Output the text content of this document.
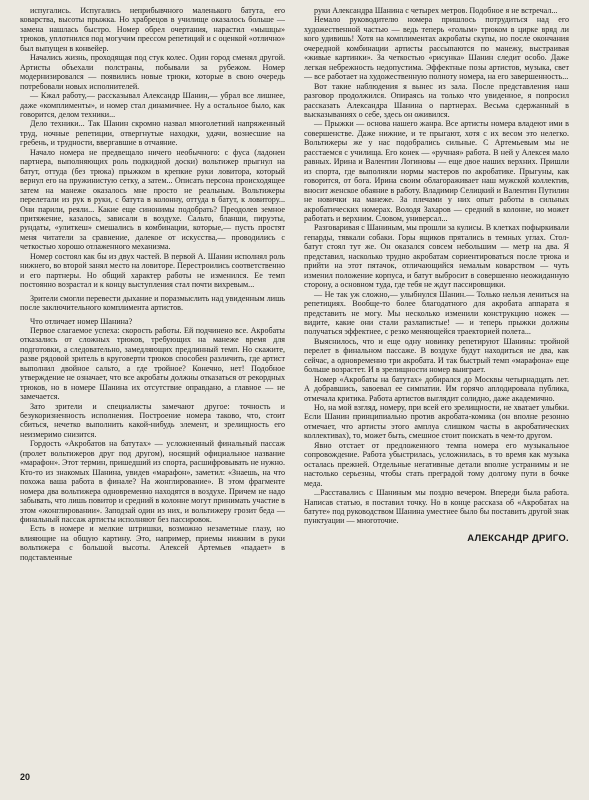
испугались. Испугались неприбывчного маленького батута, его коварства, высоты прыжка. Но храбрецов в училище оказалось больше — замена нашлась быстро. Номер обрел очертания, нарастил «мышцы» трюков, уплотнился под могучим прессом репетиций и с оценкой «отлично» был выпущен в конвейер.

Начались жизнь, проходящая под стук колес. Один город сменял другой. Артисты объехали полстраны, побывали за рубежом. Номер модернизировался — появились новые трюки, которые в свою очередь потребовали новых исполнителей.

— Кжал работу,— рассказывал Александр Шанин,— убрал все лишнее, даже «комплименты», и номер стал динамичнее. Ну а остальное было, как говорится, делом техники...

Дело техники... Так Шанин скромно назвал многолетний напряженный труд, ночные репетиции, отвергнутые находки, удачи, вознесшие на гребень, и трудности, ввергавшие в отчаяние.

Начало номера не предвещало ничего необычного: с фуса (ладонен партнера, выполняющих роль подкидной доски) вольтижер прыгнул на батут, оттуда (без трюка) прыжком в крепкие руки ловитора, который вернул его на пружинистую сетку, а затем... Описать персона происходящее затем на манеже оказалось мне просто не реальным. Вольтижеры перелетали из рук в руки, с батута в колонну, оттуда в батут, к ловитору... Они парили, реяли... Какие еще синонимы подобрать? Преодолев земное притяжение, казалось, зависали в воздухе. Сальто, бланши, пируэты, рундаты, «улиткеш» смешались в комбинации, которые,— пусть простят меня читатели за сравнение, далекое от искусства,— проводились с четкостью хорошо отлаженного механизма.

Номер состоял как бы из двух частей. В первой А. Шанин исполнял роль нижнего, во второй занял место на ловиторе. Перестроились соответственно и его партнеры. Но общий характер работы не изменился. Ее темп постоянно возрастал и к концу выступления стал почти вихревым...

Зрители смогли перевести дыхание и поразмыслить над увиденным лишь после заключительного комплимента артистов.

Что отличает номер Шанина?

Первое слагаемое успеха: скорость работы. Ей подчинено все. Акробаты отказались от сложных трюков, требующих на манеже время для подготовки, а следовательно, замедляющих предлинный темп. Но скажите, разве рядовой зритель в круговерти трюков способен различить, где артист выполнил двойное сальто, а где тройное? Конечно, нет! Подобное утверждение не означает, что все акробаты должны отказаться от рекордных трюков, но в номере Шанина их отсутствие оправдано, а главное — не замечается.

Зато зрители и специалисты замечают другое: точность и безукоризненность исполнения. Построение номера таково, что, стоит сбиться, нечетко выполнить какой-нибудь элемент, и зрелищность его неизмеримо снизится.

Гордость «Акробатов на батутах» — усложненный финальный пассаж (пролет вольтижеров друг под другом), носящий официальное название «марафон». Этот термин, пришедший из спорта, расшифровывать не нужно. Кто-то из знакомых Шанина, увидев «марафон», заметил: «Знаешь, на что похожа ваша работа в финале? На жонглирование». В этом фрагменте номера два вольтижера одновременно находятся в воздухе. Причем не надо забывать, что лишь повитор и средний в колонне могут принимать участие в этом «жонглировании». Заподзай один из них, и вольтижеру грозит беда — финальный пассаж артисты исполняют без пассировок.

Есть в номере и мелкие штришки, возможно незаметные глазу, но влияющие на общую картину. Это, например, приемы нижним в руки вольтижера с большой высоты. Алексей Артемьев «падает» в подставленные

руки Александра Шанина с четырех метров. Подобное я не встречал...

Немало руководителю номера пришлось потрудиться над его художественной частью — ведь теперь «голым» трюком в цирке вряд ли кого удивишь! Хотя на комплиментах акробаты скупы, но после окончания очередной комбинации артисты рассыпаются по манежу, выстраивая «живые картинки». За четкостью «рисунка» Шанин следит особо. Даже легкая небрежность недопустима. Эффектные позы артистов, музыка, свет — все работает на художественную полноту номера, на его завершенность...

Вот такие наблюдения я вынес из зала. После представления наш разговор продолжился. Опираясь на только что увиденное, я попросил рассказать Александра Шанина о партнерах. Весьма сдержанный в высказываниях о себе, здесь он оживился.

— Прыжки — основа нашего жанра. Все артисты номера владеют ими в совершенстве. Даже нижние, и те прыгают, хотя с их весом это нелегко. Вольтижеры же у нас подобрались сильные. С Артемьевым мы не расстаемся с училища. Его конек — «ручная» работа. В ней у Алексея мало равных. Ирина и Валентин Логиновы — еще двое наших верхних. Пришли из спорта, где выполняли нормы мастеров по акробатике. Прыгуны, как говорится, от бога. Ирина своим облагораживает наш мужской коллектив, вносит женское обаяние в работу. Владимир Селицкий и Валентин Путилин не новички на манеже. За плечами у них опыт работы в сильных акробатических номерах. Володя Захаров — средний в колонне, но может работать и верхним. Словом, универсал...

Разговаривая с Шаниным, мы прошли за кулисы. В клетках пофыркивали гепарды, тявкали собаки. Горы ящиков прятались в темных углах. Стол-батут стоял тут же. Он оказался совсем небольшим — метр на два. Я представил, насколько трудно акробатам сориентироваться после трюка и прийти на этот пятачок, отличающийся немалым коварством — чуть изменил положение корпуса, и батут выбросит в совершенно неожиданную сторону, а основном туда, где тебя не ждут пассировщики.

— Не так уж сложно,— улыбнулся Шанин.— Только нельзя лениться на репетициях. Вообще-то более благодатного для акробата аппарата я представить не могу. Мы несколько изменили конструкцию ножек — видите, какие они стали разлапистые! — и теперь прыжки должны получаться эффектнее, с резко меняющейся траекторией полета...

Выяснилось, что и еще одну новинку репетируют Шанины: тройной перелет в финальном пассаже. В воздухе будут находиться не два, как сейчас, а одновременно три акробата. И так быстрый темп «марафона» еще больше возрастет. И в зрелищности номер выиграет.

Номер «Акробаты на батутах» добирался до Москвы четырнадцать лет. А добравшись, завоевал ее симпатии. Им горячо аплодировала публика, отмечала критика. Работа артистов выглядит солидно, даже академично.

Но, на мой взгляд, номеру, при всей его зрелищности, не хватает улыбки. Если Шанин принципиально против акробата-комика (он вполне резонно отмечает, что артисты этого амплуа слишком часты в акробатических коллективах), то, может быть, смешное стоит поискать в чем-то другом.

Явно отстает от предложенного темпа номера его музыкальное сопровождение. Работа убыстрилась, усложнилась, в то время как музыка осталась прежней. Отдельные негативные детали вполне устранимы и не настолько серьезны, чтобы стать преградой тому долгому пути в бочке меда.

...Расставались с Шаниным мы поздно вечером. Впереди была работа. Написав статью, я поставил точку. Но в конце рассказа об «Акробатах на батуте» под руководством Шанина уместнее было бы поставить другой знак пунктуации — многоточие.

АЛЕКСАНДР ДРИГО.
20
